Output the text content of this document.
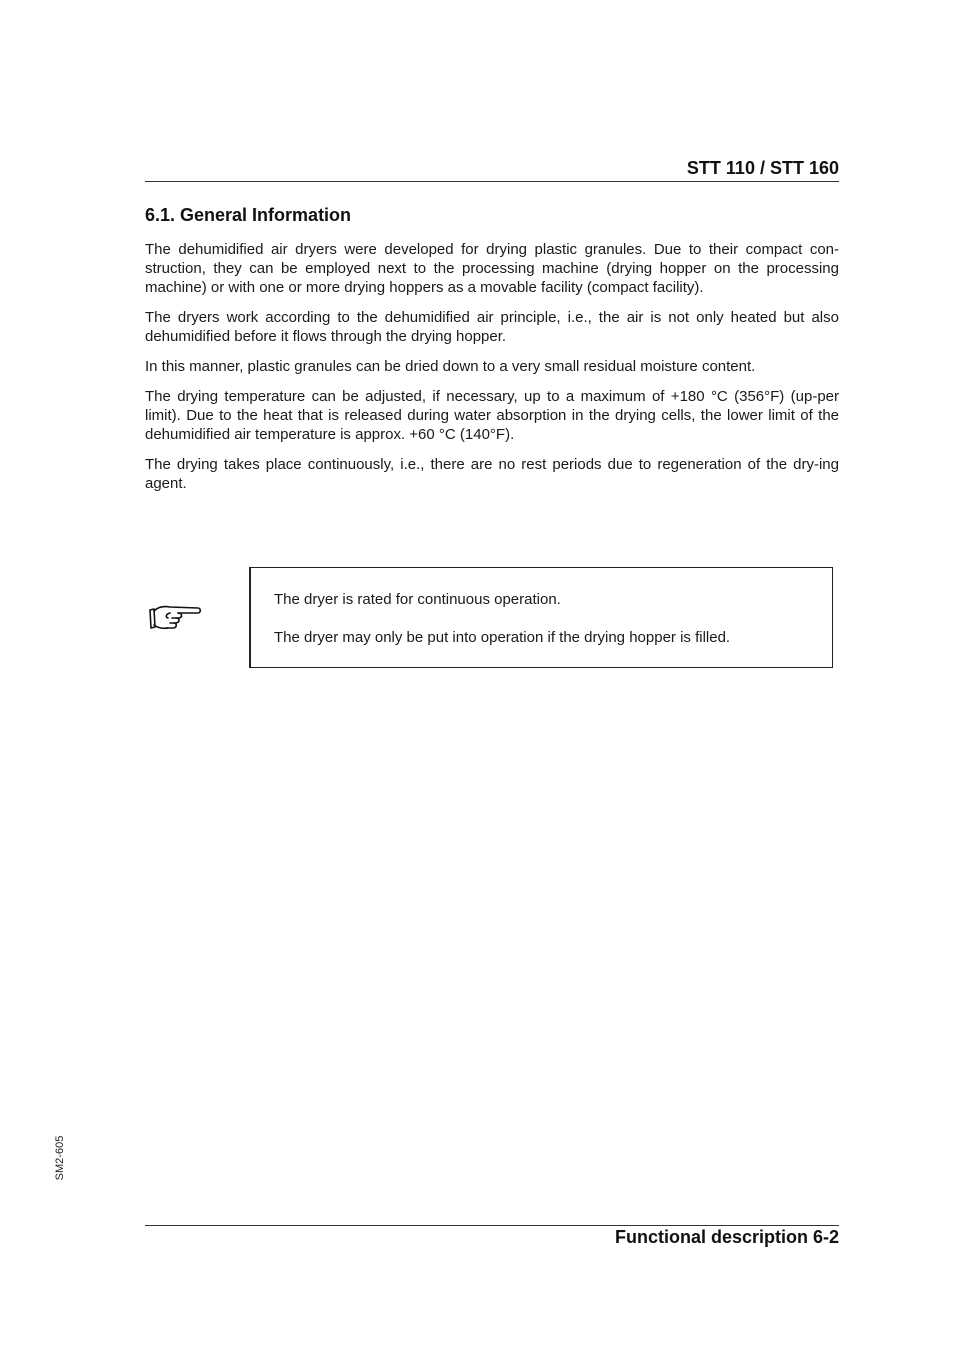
STT 110 / STT 160
6.1. General Information

The dehumidified air dryers were developed for drying plastic granules. Due to their compact con-struction, they can be employed next to the processing machine (drying hopper on the processing machine) or with one or more drying hoppers as a movable facility (compact facility).

The dryers work according to the dehumidified air principle, i.e., the air is not only heated but also dehumidified before it flows through the drying hopper.

In this manner, plastic granules can be dried down to a very small residual moisture content.

The drying temperature can be adjusted, if necessary, up to a maximum of +180 °C (356°F) (up-per limit). Due to the heat that is released during water absorption in the drying cells, the lower limit of the dehumidified air temperature is approx. +60 °C (140°F).

The drying takes place continuously, i.e., there are no rest periods due to regeneration of the dry-ing agent.

The dryer is rated for continuous operation.

The dryer may only be put into operation if the drying hopper is filled.

SM2-605
Functional description 6-2
